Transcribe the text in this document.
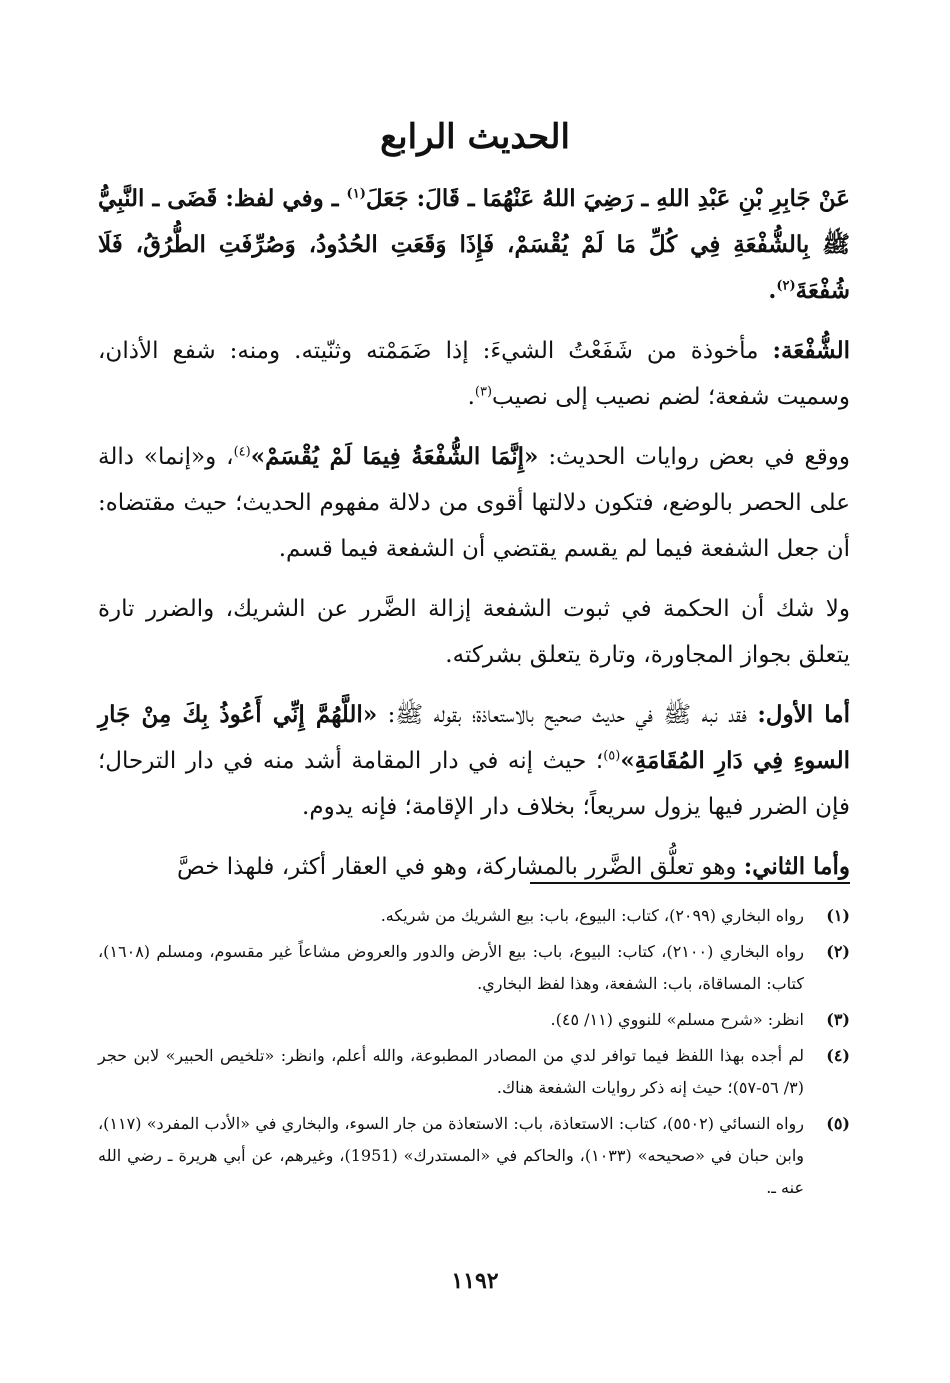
الحديث الرابع

عَنْ جَابِرِ بْنِ عَبْدِ اللهِ ـ رَضِيَ اللهُ عَنْهُمَا ـ قَالَ: جَعَلَ$^{(١)}$ ـ وفي لفظ: قَضَى ـ النَّبِيُّ ﷺ بِالشُّفْعَةِ فِي كُلِّ مَا لَمْ يُقْسَمْ، فَإِذَا وَقَعَتِ الحُدُودُ، وَصُرِّفَتِ الطُّرُقُ، فَلَا شُفْعَةَ$^{(٢)}$.

الشُّفْعَة: مأخوذة من شَفَعْتُ الشيءَ: إذا ضَمَمْته وثنّيته. ومنه: شفع الأذان، وسميت شفعة؛ لضم نصيب إلى نصيب$^{(٣)}$.

ووقع في بعض روايات الحديث: «إِنَّمَا الشُّفْعَةُ فِيمَا لَمْ يُقْسَمْ»$^{(٤)}$، و«إنما» دالة على الحصر بالوضع، فتكون دلالتها أقوى من دلالة مفهوم الحديث؛ حيث مقتضاه: أن جعل الشفعة فيما لم يقسم يقتضي أن الشفعة فيما قسم.

ولا شك أن الحكمة في ثبوت الشفعة إزالة الضَّرر عن الشريك، والضرر تارة يتعلق بجواز المجاورة، وتارة يتعلق بشركته.

أما الأول: فقد نبه ﷺ في حديث صحيح بالاستعاذة؛ بقوله ﷺ: «اللَّهُمَّ إِنِّي أَعُوذُ بِكَ مِنْ جَارِ السوءِ فِي دَارِ المُقَامَةِ»$^{(٥)}$؛ حيث إنه في دار المقامة أشد منه في دار الترحال؛ فإن الضرر فيها يزول سريعاً؛ بخلاف دار الإقامة؛ فإنه يدوم.

وأما الثاني: وهو تعلُّق الضَّرر بالمشاركة، وهو في العقار أكثر، فلهذا خصَّ

(١)
رواه البخاري (٢٠٩٩)، كتاب: البيوع، باب: بيع الشريك من شريكه.
(٢)
رواه البخاري (٢١٠٠)، كتاب: البيوع، باب: بيع الأرض والدور والعروض مشاعاً غير مقسوم، ومسلم (١٦٠٨)، كتاب: المساقاة، باب: الشفعة، وهذا لفظ البخاري.
(٣)
انظر: «شرح مسلم» للنووي (١١/ ٤٥).
(٤)
لم أجده بهذا اللفظ فيما توافر لدي من المصادر المطبوعة، والله أعلم، وانظر: «تلخيص الحبير» لابن حجر (٣/ ٥٦-٥٧)؛ حيث إنه ذكر روايات الشفعة هناك.
(٥)
رواه النسائي (٥٥٠٢)، كتاب: الاستعاذة، باب: الاستعاذة من جار السوء، والبخاري في «الأدب المفرد» (١١٧)، وابن حبان في «صحيحه» (١٠٣٣)، والحاكم في «المستدرك» (1951)، وغيرهم، عن أبي هريرة ـ رضي الله عنه ـ.
١١٩٢
